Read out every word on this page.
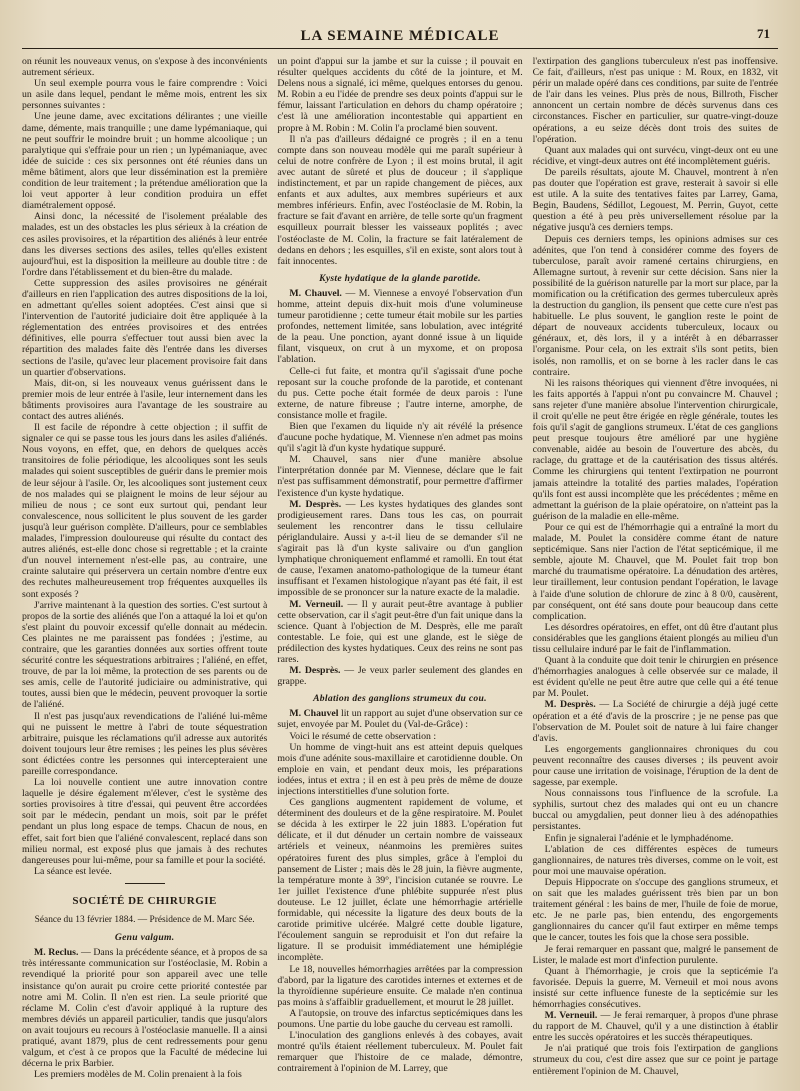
LA SEMAINE MÉDICALE	71

on réunit les nouveaux venus, on s'expose à des inconvénients autrement sérieux.

Un seul exemple pourra vous le faire comprendre : Voici un asile dans lequel, pendant le même mois, entrent les six personnes suivantes :

Une jeune dame, avec excitations délirantes ; une vieille dame, démente, mais tranquille ; une dame lypémaniaque, qui ne peut souffrir le moindre bruit ; un homme alcoolique ; un paralytique qui s'effraie pour un rien ; un lypémaniaque, avec idée de suicide : ces six personnes ont été réunies dans un même bâtiment, alors que leur dissémination est la première condition de leur traitement ; la prétendue amélioration que la loi veut apporter à leur condition produira un effet diamétralement opposé.

Ainsi donc, la nécessité de l'isolement préalable des malades, est un des obstacles les plus sérieux à la création de ces asiles provisoires, et la répartition des aliénés à leur entrée dans les diverses sections des asiles, telles qu'elles existent aujourd'hui, est la disposition la meilleure au double titre : de l'ordre dans l'établissement et du bien-être du malade.

Cette suppression des asiles provisoires ne générait d'ailleurs en rien l'application des autres dispositions de la loi, en admettant qu'elles soient adoptées. C'est ainsi que si l'intervention de l'autorité judiciaire doit être appliquée à la réglementation des entrées provisoires et des entrées définitives, elle pourra s'effectuer tout aussi bien avec la répartition des malades faite dès l'entrée dans les diverses sections de l'asile, qu'avec leur placement provisoire fait dans un quartier d'observations.

Mais, dit-on, si les nouveaux venus guérissent dans le premier mois de leur entrée à l'asile, leur internement dans les bâtiments provisoires aura l'avantage de les soustraire au contact des autres aliénés.

Il est facile de répondre à cette objection ; il suffit de signaler ce qui se passe tous les jours dans les asiles d'aliénés. Nous voyons, en effet, que, en dehors de quelques accès transitoires de folie périodique, les alcooliques sont les seuls malades qui soient susceptibles de guérir dans le premier mois de leur séjour à l'asile. Or, les alcooliques sont justement ceux de nos malades qui se plaignent le moins de leur séjour au milieu de nous ; ce sont eux surtout qui, pendant leur convalescence, nous sollicitent le plus souvent de les garder jusqu'à leur guérison complète. D'ailleurs, pour ce semblables malades, l'impression douloureuse qui résulte du contact des autres aliénés, est-elle donc chose si regrettable ; et la crainte d'un nouvel internement n'est-elle pas, au contraire, une crainte salutaire qui préservera un certain nombre d'entre eux des rechutes malheureusement trop fréquentes auxquelles ils sont exposés ?

J'arrive maintenant à la question des sorties. C'est surtout à propos de la sortie des aliénés que l'on a attaqué la loi et qu'on s'est plaint du pouvoir excessif qu'elle donnait au médecin. Ces plaintes ne me paraissent pas fondées ; j'estime, au contraire, que les garanties données aux sorties offrent toute sécurité contre les séquestrations arbitraires ; l'aliéné, en effet, trouve, de par la loi même, la protection de ses parents ou de ses amis, celle de l'autorité judiciaire ou administrative, qui toutes, aussi bien que le médecin, peuvent provoquer la sortie de l'aliéné.

Il n'est pas jusqu'aux revendications de l'aliéné lui-même qui ne puissent le mettre à l'abri de toute séquestration arbitraire, puisque les réclamations qu'il adresse aux autorités doivent toujours leur être remises ; les peines les plus sévères sont édictées contre les personnes qui intercepteraient une pareille correspondance.

La loi nouvelle contient une autre innovation contre laquelle je désire également m'élever, c'est le système des sorties provisoires à titre d'essai, qui peuvent être accordées soit par le médecin, pendant un mois, soit par le préfet pendant un plus long espace de temps. Chacun de nous, en effet, sait fort bien que l'aliéné convalescent, replacé dans son milieu normal, est exposé plus que jamais à des rechutes dangereuses pour lui-même, pour sa famille et pour la société.

La séance est levée.

SOCIÉTÉ DE CHIRURGIE
Séance du 13 février 1884. — Présidence de M. Marc Sée.
Genu valgum.

M. Reclus. — Dans la précédente séance, et à propos de sa très intéressante communication sur l'ostéoclasie, M. Robin a revendiqué la priorité pour son appareil avec une telle insistance qu'on aurait pu croire cette priorité contestée par notre ami M. Colin. Il n'en est rien. La seule priorité que réclame M. Colin c'est d'avoir appliqué à la rupture des membres déviés un appareil particulier, tandis que jusqu'alors on avait toujours eu recours à l'ostéoclasie manuelle. Il a ainsi pratiqué, avant 1879, plus de cent redressements pour genu valgum, et c'est à ce propos que la Faculté de médecine lui décerna le prix Barbier.

Les premiers modèles de M. Colin prenaient à la fois

un point d'appui sur la jambe et sur la cuisse ; il pouvait en résulter quelques accidents du côté de la jointure, et M. Delens nous a signalé, ici même, quelques entorses du genou. M. Robin a eu l'idée de prendre ses deux points d'appui sur le fémur, laissant l'articulation en dehors du champ opératoire ; c'est là une amélioration incontestable qui appartient en propre à M. Robin : M. Colin l'a proclamé bien souvent.

Il n'a pas d'ailleurs dédaigné ce progrès ; il en a tenu compte dans son nouveau modèle qui me paraît supérieur à celui de notre confrère de Lyon ; il est moins brutal, il agit avec autant de sûreté et plus de douceur ; il s'applique indistinctement, et par un rapide changement de pièces, aux enfants et aux adultes, aux membres supérieurs et aux membres inférieurs. Enfin, avec l'ostéoclasie de M. Robin, la fracture se fait d'avant en arrière, de telle sorte qu'un fragment esquilleux pourrait blesser les vaisseaux poplités ; avec l'ostéoclaste de M. Colin, la fracture se fait latéralement de dedans en dehors ; les esquilles, s'il en existe, sont alors tout à fait innocentes.

Kyste hydatique de la glande parotide.

M. Chauvel. — M. Viennese a envoyé l'observation d'un homme, atteint depuis dix-huit mois d'une volumineuse tumeur parotidienne ; cette tumeur était mobile sur les parties profondes, nettement limitée, sans lobulation, avec intégrité de la peau. Une ponction, ayant donné issue à un liquide filant, visqueux, on crut à un myxome, et on proposa l'ablation.

Celle-ci fut faite, et montra qu'il s'agissait d'une poche reposant sur la couche profonde de la parotide, et contenant du pus. Cette poche était formée de deux parois : l'une externe, de nature fibreuse ; l'autre interne, amorphe, de consistance molle et fragile.

Bien que l'examen du liquide n'y ait révélé la présence d'aucune poche hydatique, M. Viennese n'en admet pas moins qu'il s'agit là d'un kyste hydatique suppuré.

M. Chauvel, sans nier d'une manière absolue l'interprétation donnée par M. Viennese, déclare que le fait n'est pas suffisamment démonstratif, pour permettre d'affirmer l'existence d'un kyste hydatique.

M. Desprès. — Les kystes hydatiques des glandes sont prodigieusement rares. Dans tous les cas, on pourrait seulement les rencontrer dans le tissu cellulaire périglandulaire. Aussi y a-t-il lieu de se demander s'il ne s'agirait pas là d'un kyste salivaire ou d'un ganglion lymphatique chroniquement enflammé et ramolli. En tout état de cause, l'examen anatomo-pathologique de la tumeur étant insuffisant et l'examen histologique n'ayant pas été fait, il est impossible de se prononcer sur la nature exacte de la maladie.

M. Verneuil. — Il y aurait peut-être avantage à publier cette observation, car il s'agit peut-être d'un fait unique dans la science. Quant à l'objection de M. Desprès, elle me paraît contestable. Le foie, qui est une glande, est le siège de prédilection des kystes hydatiques. Ceux des reins ne sont pas rares.

M. Desprès. — Je veux parler seulement des glandes en grappe.

Ablation des ganglions strumeux du cou.

M. Chauvel lit un rapport au sujet d'une observation sur ce sujet, envoyée par M. Poulet du (Val-de-Grâce) :

Voici le résumé de cette observation :

Un homme de vingt-huit ans est atteint depuis quelques mois d'une adénite sous-maxillaire et carotidienne double. On emploie en vain, et pendant deux mois, les préparations iodées, intus et extra ; il en est à peu près de même de douze injections interstitielles d'une solution forte.

Ces ganglions augmentent rapidement de volume, et déterminent des douleurs et de la gêne respiratoire. M. Poulet se décida à les extirper le 22 juin 1883. L'opération fut délicate, et il dut dénuder un certain nombre de vaisseaux artériels et veineux, néanmoins les premières suites opératoires furent des plus simples, grâce à l'emploi du pansement de Lister ; mais dès le 28 juin, la fièvre augmente, la température monte à 39°, l'incision cutanée se rouvre. Le 1er juillet l'existence d'une phlébite suppurée n'est plus douteuse. Le 12 juillet, éclate une hémorrhagie artérielle formidable, qui nécessite la ligature des deux bouts de la carotide primitive ulcérée. Malgré cette double ligature, l'écoulement sanguin se reproduisit et l'on dut refaire la ligature. Il se produisit immédiatement une hémiplégie incomplète.

Le 18, nouvelles hémorrhagies arrêtées par la compression d'abord, par la ligature des carotides internes et externes et de la thyroïdienne supérieure ensuite. Ce malade n'en continua pas moins à s'affaiblir graduellement, et mourut le 28 juillet.

A l'autopsie, on trouve des infarctus septicémiques dans les poumons. Une partie du lobe gauche du cerveau est ramolli.

L'inoculation des ganglions enlevés à des cobayes, avait montré qu'ils étaient réellement tuberculeux. M. Poulet fait remarquer que l'histoire de ce malade, démontre, contrairement à l'opinion de M. Larrey, que

l'extirpation des ganglions tuberculeux n'est pas inoffensive. Ce fait, d'ailleurs, n'est pas unique : M. Roux, en 1832, vit périr un malade opéré dans ces conditions, par suite de l'entrée de l'air dans les veines. Plus près de nous, Billroth, Fischer annoncent un certain nombre de décès survenus dans ces circonstances. Fischer en particulier, sur quatre-vingt-douze opérations, a eu seize décès dont trois des suites de l'opération.

Quant aux malades qui ont survécu, vingt-deux ont eu une récidive, et vingt-deux autres ont été incomplètement guéris.

De pareils résultats, ajoute M. Chauvel, montrent à n'en pas douter que l'opération est grave, resterait à savoir si elle est utile. A la suite des tentatives faites par Larrey, Gama, Begin, Baudens, Sédillot, Legouest, M. Perrin, Guyot, cette question a été à peu près universellement résolue par la négative jusqu'à ces derniers temps.

Depuis ces derniers temps, les opinions admises sur ces adénites, que l'on tend à considérer comme des foyers de tuberculose, paraît avoir ramené certains chirurgiens, en Allemagne surtout, à revenir sur cette décision. Sans nier la possibilité de la guérison naturelle par la mort sur place, par la momification ou la crétification des germes tuberculeux après la destruction du ganglion, ils pensent que cette cure n'est pas habituelle. Le plus souvent, le ganglion reste le point de départ de nouveaux accidents tuberculeux, locaux ou généraux, et, dès lors, il y a intérêt à en débarrasser l'organisme. Pour cela, on les extrait s'ils sont petits, bien isolés, non ramollis, et on se borne à les racler dans le cas contraire.

Ni les raisons théoriques qui viennent d'être invoquées, ni les faits apportés à l'appui n'ont pu convaincre M. Chauvel ; sans rejeter d'une manière absolue l'intervention chirurgicale, il croit qu'elle ne peut être érigée en règle générale, toutes les fois qu'il s'agit de ganglions strumeux. L'état de ces ganglions peut presque toujours être amélioré par une hygiène convenable, aidée au besoin de l'ouverture des abcès, du raclage, du grattage et de la cautérisation des tissus altérés. Comme les chirurgiens qui tentent l'extirpation ne pourront jamais atteindre la totalité des parties malades, l'opération qu'ils font est aussi incomplète que les précédentes ; même en admettant la guérison de la plaie opératoire, on n'atteint pas la guérison de la maladie en elle-même.

Pour ce qui est de l'hémorrhagie qui a entraîné la mort du malade, M. Poulet la considère comme étant de nature septicémique. Sans nier l'action de l'état septicémique, il me semble, ajoute M. Chauvel, que M. Poulet fait trop bon marché du traumatisme opératoire. La dénudation des artères, leur tiraillement, leur contusion pendant l'opération, le lavage à l'aide d'une solution de chlorure de zinc à 8 0/0, causèrent, par conséquent, ont été sans doute pour beaucoup dans cette complication.

Les désordres opératoires, en effet, ont dû être d'autant plus considérables que les ganglions étaient plongés au milieu d'un tissu cellulaire induré par le fait de l'inflammation.

Quant à la conduite que doit tenir le chirurgien en présence d'hémorrhagies analogues à celle observée sur ce malade, il est évident qu'elle ne peut être autre que celle qui a été tenue par M. Poulet.

M. Desprès. — La Société de chirurgie a déjà jugé cette opération et a été d'avis de la proscrire ; je ne pense pas que l'observation de M. Poulet soit de nature à lui faire changer d'avis.

Les engorgements ganglionnaires chroniques du cou peuvent reconnaître des causes diverses ; ils peuvent avoir pour cause une irritation de voisinage, l'éruption de la dent de sagesse, par exemple.

Nous connaissons tous l'influence de la scrofule. La syphilis, surtout chez des malades qui ont eu un chancre buccal ou amygdalien, peut donner lieu à des adénopathies persistantes.

Enfin je signalerai l'adénie et le lymphadénome.

L'ablation de ces différentes espèces de tumeurs ganglionnaires, de natures très diverses, comme on le voit, est pour moi une mauvaise opération.

Depuis Hippocrate on s'occupe des ganglions strumeux, et on sait que les malades guérissent très bien par un bon traitement général : les bains de mer, l'huile de foie de morue, etc. Je ne parle pas, bien entendu, des engorgements ganglionnaires du cancer qu'il faut extirper en même temps que le cancer, toutes les fois que la chose sera possible.

Je ferai remarquer en passant que, malgré le pansement de Lister, le malade est mort d'infection purulente.

Quant à l'hémorrhagie, je crois que la septicémie l'a favorisée. Depuis la guerre, M. Verneuil et moi nous avons insisté sur cette influence funeste de la septicémie sur les hémorrhagies consécutives.

M. Verneuil. — Je ferai remarquer, à propos d'une phrase du rapport de M. Chauvel, qu'il y a une distinction à établir entre les succès opératoires et les succès thérapeutiques.

Je n'ai pratiqué que trois fois l'extirpation de ganglions strumeux du cou, c'est dire assez que sur ce point je partage entièrement l'opinion de M. Chauvel,
